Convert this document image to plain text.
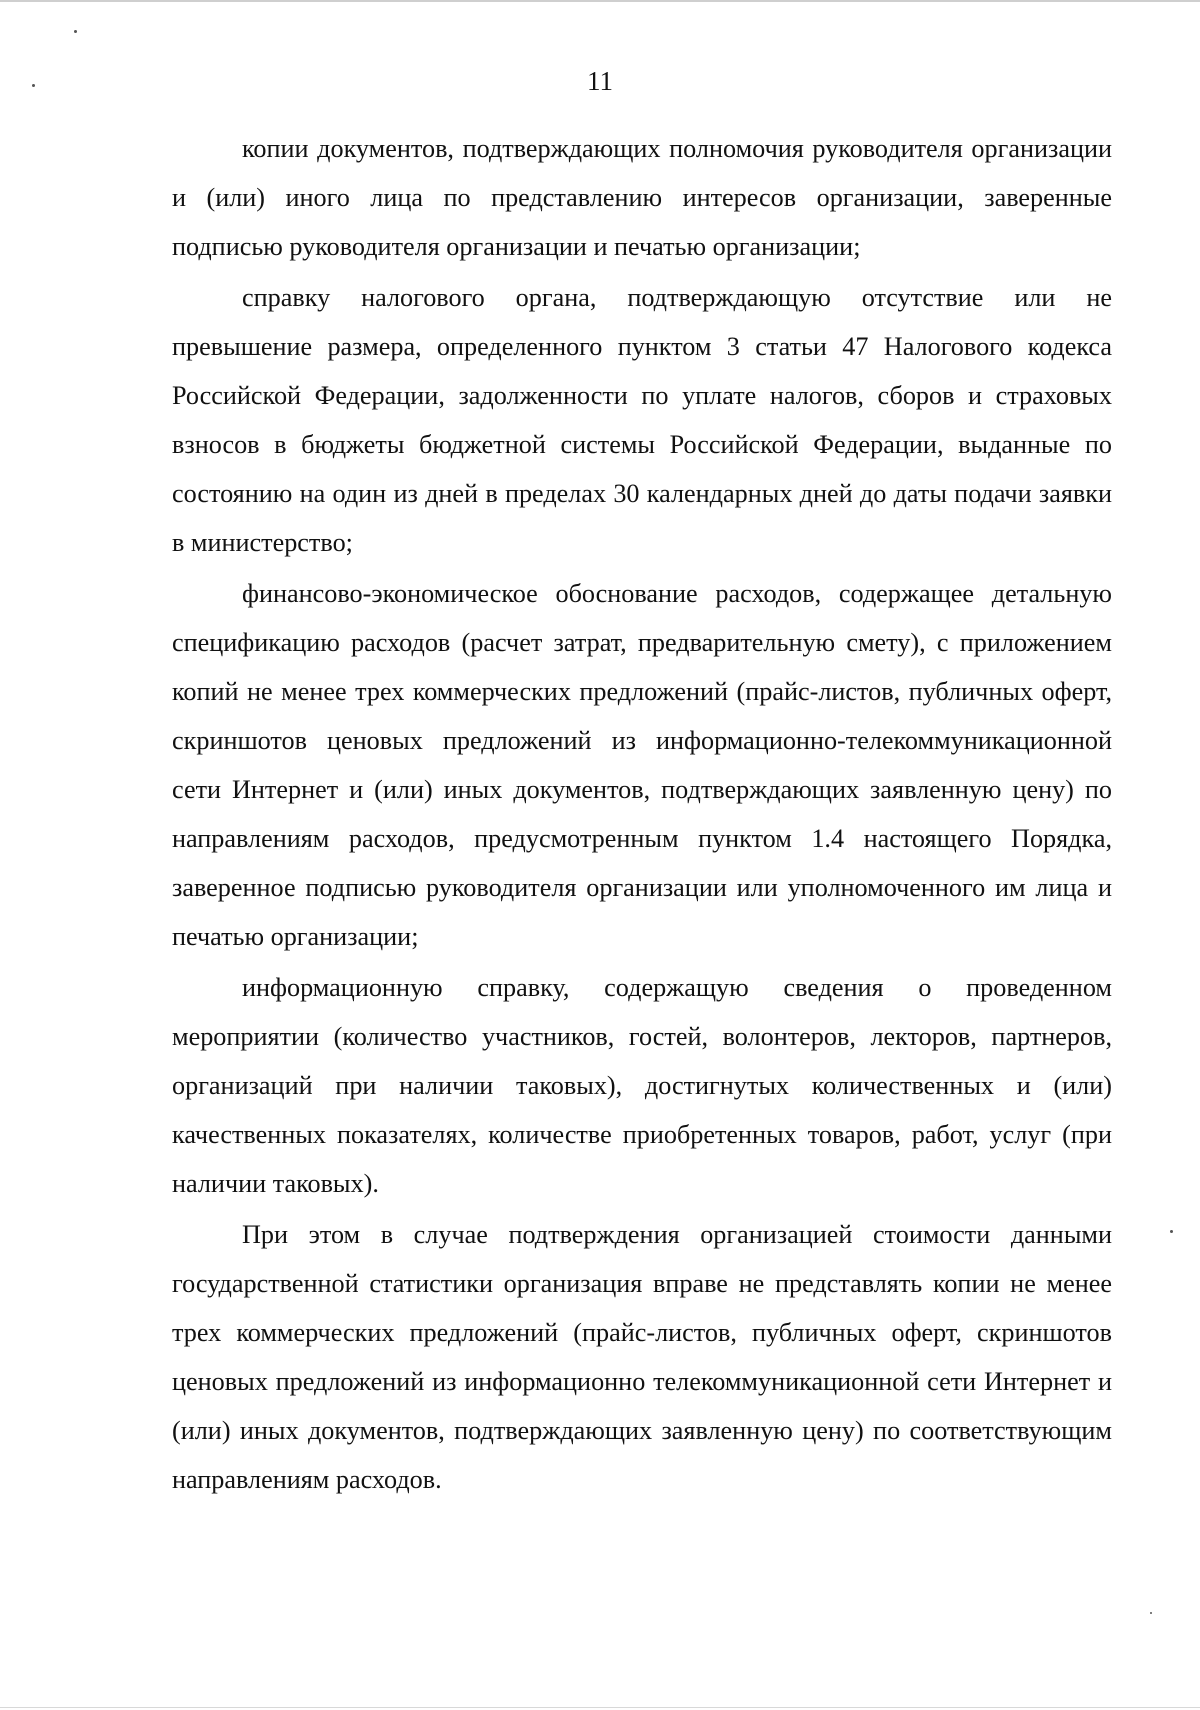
11

копии документов, подтверждающих полномочия руководителя организации и (или) иного лица по представлению интересов организации, заверенные подписью руководителя организации и печатью организации;

справку налогового органа, подтверждающую отсутствие или не превышение размера, определенного пунктом 3 статьи 47 Налогового кодекса Российской Федерации, задолженности по уплате налогов, сборов и страховых взносов в бюджеты бюджетной системы Российской Федерации, выданные по состоянию на один из дней в пределах 30 календарных дней до даты подачи заявки в министерство;

финансово-экономическое обоснование расходов, содержащее детальную спецификацию расходов (расчет затрат, предварительную смету), с приложением копий не менее трех коммерческих предложений (прайс-листов, публичных оферт, скриншотов ценовых предложений из информационно-телекоммуникационной сети Интернет и (или) иных документов, подтверждающих заявленную цену) по направлениям расходов, предусмотренным пунктом 1.4 настоящего Порядка, заверенное подписью руководителя организации или уполномоченного им лица и печатью организации;

информационную справку, содержащую сведения о проведенном мероприятии (количество участников, гостей, волонтеров, лекторов, партнеров, организаций при наличии таковых), достигнутых количественных и (или) качественных показателях, количестве приобретенных товаров, работ, услуг (при наличии таковых).

При этом в случае подтверждения организацией стоимости данными государственной статистики организация вправе не представлять копии не менее трех коммерческих предложений (прайс-листов, публичных оферт, скриншотов ценовых предложений из информационно телекоммуникационной сети Интернет и (или) иных документов, подтверждающих заявленную цену) по соответствующим направлениям расходов.
